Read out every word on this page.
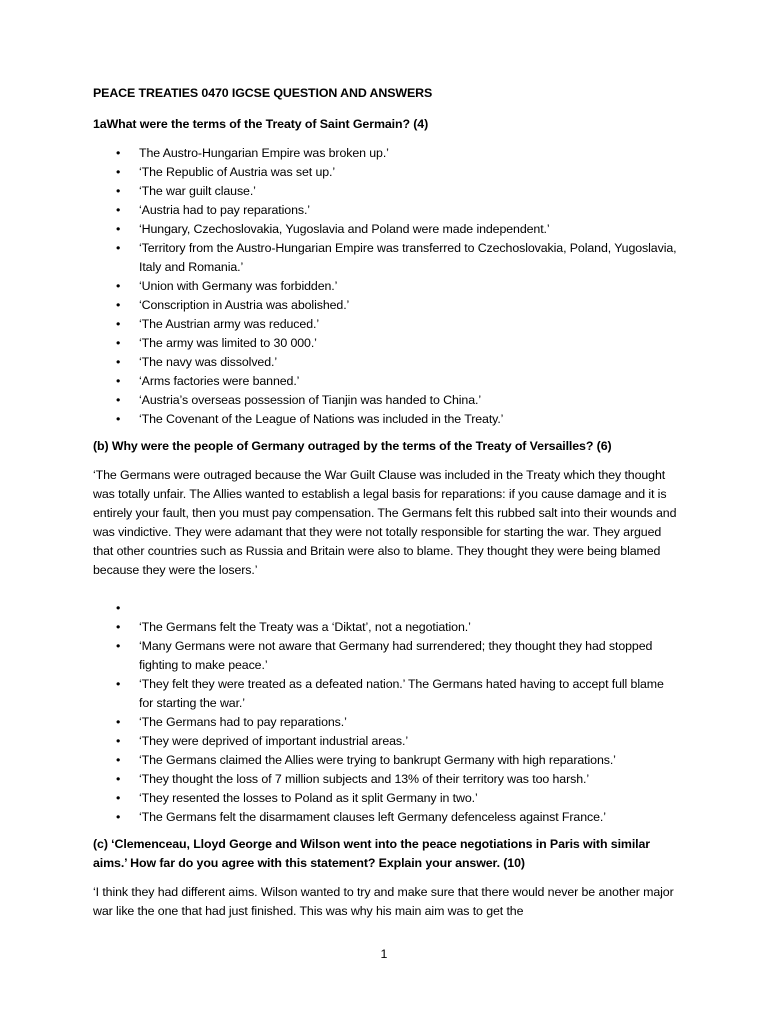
PEACE TREATIES 0470 IGCSE QUESTION AND ANSWERS
1aWhat were the terms of the Treaty of Saint Germain? (4)
• The Austro-Hungarian Empire was broken up.’
• ‘The Republic of Austria was set up.’
• ‘The war guilt clause.’
• ‘Austria had to pay reparations.’
• ‘Hungary, Czechoslovakia, Yugoslavia and Poland were made independent.’
• ‘Territory from the Austro-Hungarian Empire was transferred to Czechoslovakia, Poland, Yugoslavia, Italy and Romania.’
• ‘Union with Germany was forbidden.’
• ‘Conscription in Austria was abolished.’
• ‘The Austrian army was reduced.’
• ‘The army was limited to 30 000.’
• ‘The navy was dissolved.’
• ‘Arms factories were banned.’
• ‘Austria’s overseas possession of Tianjin was handed to China.’
• ‘The Covenant of the League of Nations was included in the Treaty.’
(b) Why were the people of Germany outraged by the terms of the Treaty of Versailles? (6)
‘The Germans were outraged because the War Guilt Clause was included in the Treaty which they thought was totally unfair. The Allies wanted to establish a legal basis for reparations: if you cause damage and it is entirely your fault, then you must pay compensation. The Germans felt this rubbed salt into their wounds and was vindictive. They were adamant that they were not totally responsible for starting the war. They argued that other countries such as Russia and Britain were also to blame. They thought they were being blamed because they were the losers.’
•
• ‘The Germans felt the Treaty was a ‘Diktat’, not a negotiation.’
• ‘Many Germans were not aware that Germany had surrendered; they thought they had stopped fighting to make peace.’
• ‘They felt they were treated as a defeated nation.’ The Germans hated having to accept full blame for starting the war.’
• ‘The Germans had to pay reparations.’
• ‘They were deprived of important industrial areas.’
• ‘The Germans claimed the Allies were trying to bankrupt Germany with high reparations.’
• ‘They thought the loss of 7 million subjects and 13% of their territory was too harsh.’
• ‘They resented the losses to Poland as it split Germany in two.’
• ‘The Germans felt the disarmament clauses left Germany defenceless against France.’
(c) ‘Clemenceau, Lloyd George and Wilson went into the peace negotiations in Paris with similar aims.’ How far do you agree with this statement? Explain your answer. (10)
‘I think they had different aims. Wilson wanted to try and make sure that there would never be another major war like the one that had just finished. This was why his main aim was to get the
1
